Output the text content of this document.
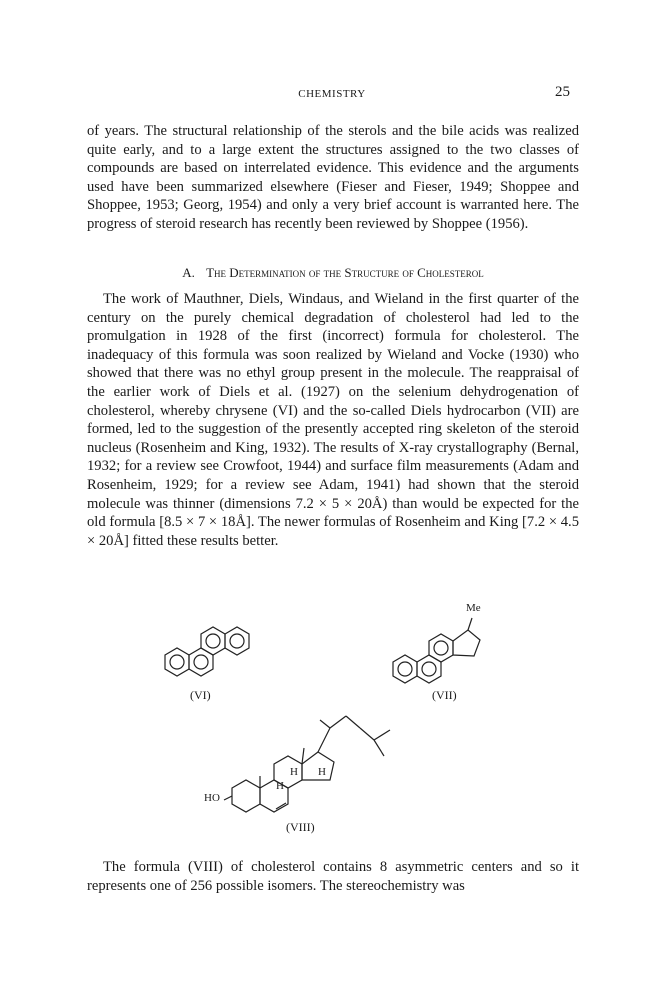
CHEMISTRY	25

of years. The structural relationship of the sterols and the bile acids was realized quite early, and to a large extent the structures assigned to the two classes of compounds are based on interrelated evidence. This evidence and the arguments used have been summarized elsewhere (Fieser and Fieser, 1949; Shoppee and Shoppee, 1953; Georg, 1954) and only a very brief account is warranted here. The progress of steroid research has recently been reviewed by Shoppee (1956).

A. The Determination of the Structure of Cholesterol

The work of Mauthner, Diels, Windaus, and Wieland in the first quarter of the century on the purely chemical degradation of cholesterol had led to the promulgation in 1928 of the first (incorrect) formula for cholesterol. The inadequacy of this formula was soon realized by Wieland and Vocke (1930) who showed that there was no ethyl group present in the molecule. The reappraisal of the earlier work of Diels et al. (1927) on the selenium dehydrogenation of cholesterol, whereby chrysene (VI) and the so-called Diels hydrocarbon (VII) are formed, led to the suggestion of the presently accepted ring skeleton of the steroid nucleus (Rosenheim and King, 1932). The results of X-ray crystallography (Bernal, 1932; for a review see Crowfoot, 1944) and surface film measurements (Adam and Rosenheim, 1929; for a review see Adam, 1941) had shown that the steroid molecule was thinner (dimensions 7.2 × 5 × 20Å) than would be expected for the old formula [8.5 × 7 × 18Å]. The newer formulas of Rosenheim and King [7.2 × 4.5 × 20Å] fitted these results better.

(VI)
Me
(VII)
HO
H H
H
(VIII)

The formula (VIII) of cholesterol contains 8 asymmetric centers and so it represents one of 256 possible isomers. The stereochemistry was
